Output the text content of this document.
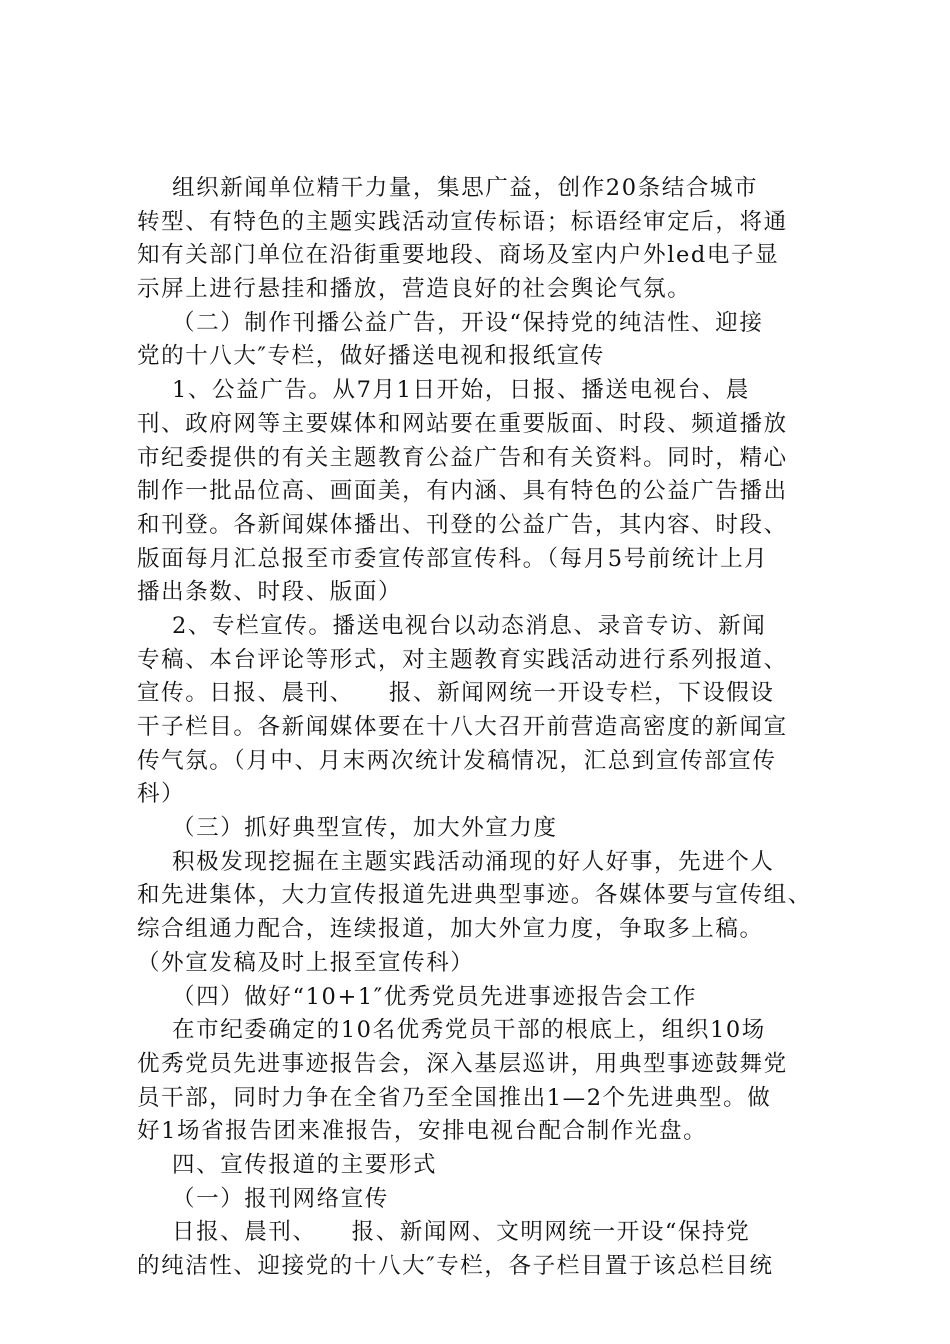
组织新闻单位精干力量，集思广益，创作20条结合城市
转型、有特色的主题实践活动宣传标语；标语经审定后，将通
知有关部门单位在沿街重要地段、商场及室内户外led电子显
示屏上进行悬挂和播放，营造良好的社会舆论气氛。
（二）制作刊播公益广告，开设“保持党的纯洁性、迎接
党的十八大″专栏，做好播送电视和报纸宣传
1、公益广告。从7月1日开始，日报、播送电视台、晨
刊、政府网等主要媒体和网站要在重要版面、时段、频道播放
市纪委提供的有关主题教育公益广告和有关资料。同时，精心
制作一批品位高、画面美，有内涵、具有特色的公益广告播出
和刊登。各新闻媒体播出、刊登的公益广告，其内容、时段、
版面每月汇总报至市委宣传部宣传科。（每月5号前统计上月
播出条数、时段、版面）
2、专栏宣传。播送电视台以动态消息、录音专访、新闻
专稿、本台评论等形式，对主题教育实践活动进行系列报道、
宣传。日报、晨刊、    报、新闻网统一开设专栏，下设假设
干子栏目。各新闻媒体要在十八大召开前营造高密度的新闻宣
传气氛。（月中、月末两次统计发稿情况，汇总到宣传部宣传
科）
（三）抓好典型宣传，加大外宣力度
积极发现挖掘在主题实践活动涌现的好人好事，先进个人
和先进集体，大力宣传报道先进典型事迹。各媒体要与宣传组、
综合组通力配合，连续报道，加大外宣力度，争取多上稿。
（外宣发稿及时上报至宣传科）
（四）做好“10+1″优秀党员先进事迹报告会工作
在市纪委确定的10名优秀党员干部的根底上，组织10场
优秀党员先进事迹报告会，深入基层巡讲，用典型事迹鼓舞党
员干部，同时力争在全省乃至全国推出1—2个先进典型。做
好1场省报告团来准报告，安排电视台配合制作光盘。
四、宣传报道的主要形式
（一）报刊网络宣传
日报、晨刊、    报、新闻网、文明网统一开设“保持党
的纯洁性、迎接党的十八大″专栏，各子栏目置于该总栏目统
